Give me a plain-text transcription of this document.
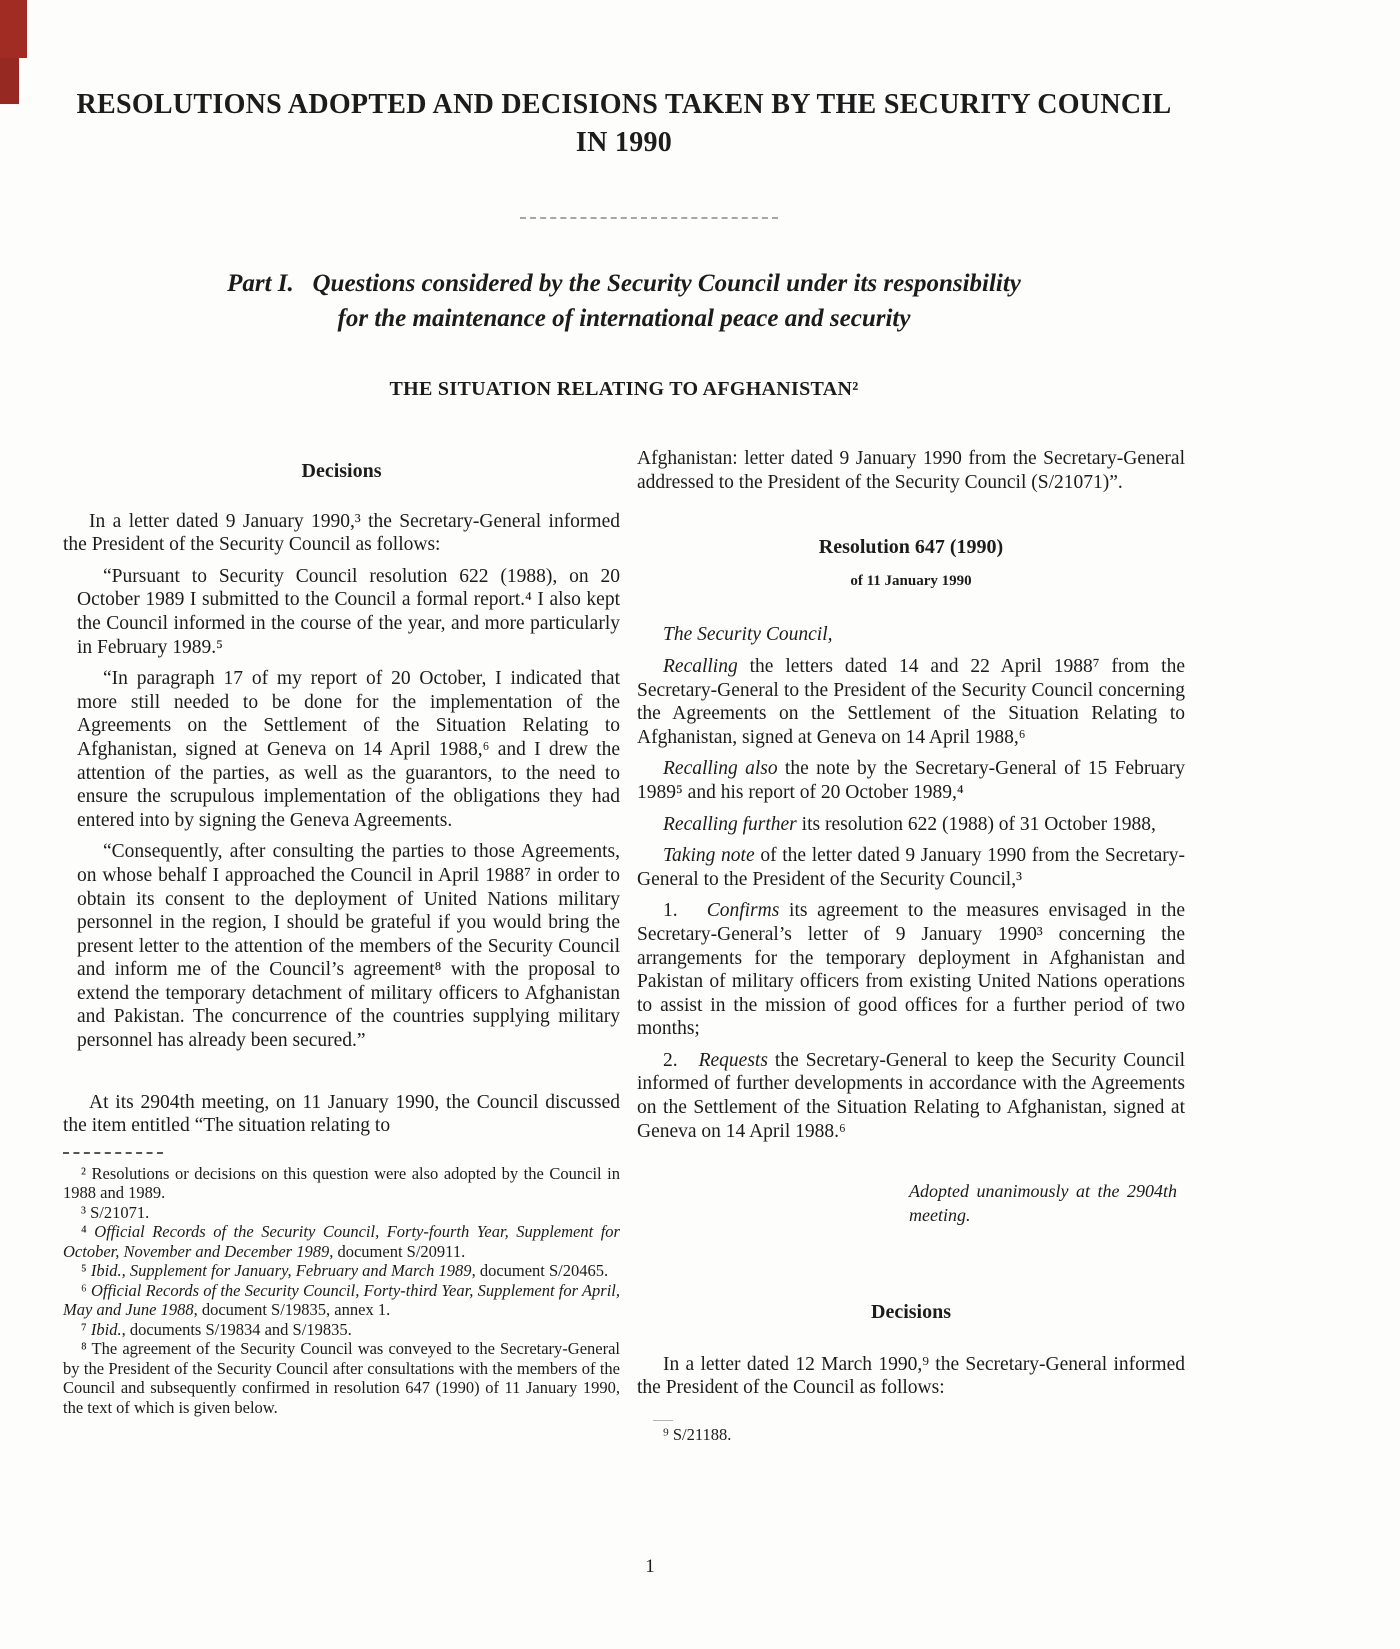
RESOLUTIONS ADOPTED AND DECISIONS TAKEN BY THE SECURITY COUNCIL
IN 1990
Part I.   Questions considered by the Security Council under its responsibility
for the maintenance of international peace and security
THE SITUATION RELATING TO AFGHANISTAN²
Decisions

In a letter dated 9 January 1990,³ the Secretary-General informed the President of the Security Council as follows:

“Pursuant to Security Council resolution 622 (1988), on 20 October 1989 I submitted to the Council a formal report.⁴ I also kept the Council informed in the course of the year, and more particularly in February 1989.⁵

“In paragraph 17 of my report of 20 October, I indicated that more still needed to be done for the implementation of the Agreements on the Settlement of the Situation Relating to Afghanistan, signed at Geneva on 14 April 1988,⁶ and I drew the attention of the parties, as well as the guarantors, to the need to ensure the scrupulous implementation of the obligations they had entered into by signing the Geneva Agreements.

“Consequently, after consulting the parties to those Agreements, on whose behalf I approached the Council in April 1988⁷ in order to obtain its consent to the deployment of United Nations military personnel in the region, I should be grateful if you would bring the present letter to the attention of the members of the Security Council and inform me of the Council’s agreement⁸ with the proposal to extend the temporary detachment of military officers to Afghanistan and Pakistan. The concurrence of the countries supplying military personnel has already been secured.”

At its 2904th meeting, on 11 January 1990, the Council discussed the item entitled “The situation relating to

² Resolutions or decisions on this question were also adopted by the Council in 1988 and 1989.

³ S/21071.

⁴ Official Records of the Security Council, Forty-fourth Year, Supplement for October, November and December 1989, document S/20911.

⁵ Ibid., Supplement for January, February and March 1989, document S/20465.

⁶ Official Records of the Security Council, Forty-third Year, Supplement for April, May and June 1988, document S/19835, annex 1.

⁷ Ibid., documents S/19834 and S/19835.

⁸ The agreement of the Security Council was conveyed to the Secretary-General by the President of the Security Council after consultations with the members of the Council and subsequently confirmed in resolution 647 (1990) of 11 January 1990, the text of which is given below.

Afghanistan: letter dated 9 January 1990 from the Secretary-General addressed to the President of the Security Council (S/21071)”.

Resolution 647 (1990)
of 11 January 1990

The Security Council,

Recalling the letters dated 14 and 22 April 1988⁷ from the Secretary-General to the President of the Security Council concerning the Agreements on the Settlement of the Situation Relating to Afghanistan, signed at Geneva on 14 April 1988,⁶

Recalling also the note by the Secretary-General of 15 February 1989⁵ and his report of 20 October 1989,⁴

Recalling further its resolution 622 (1988) of 31 October 1988,

Taking note of the letter dated 9 January 1990 from the Secretary-General to the President of the Security Council,³

1.   Confirms its agreement to the measures envisaged in the Secretary-General’s letter of 9 January 1990³ concerning the arrangements for the temporary deployment in Afghanistan and Pakistan of military officers from existing United Nations operations to assist in the mission of good offices for a further period of two months;

2.   Requests the Secretary-General to keep the Security Council informed of further developments in accordance with the Agreements on the Settlement of the Situation Relating to Afghanistan, signed at Geneva on 14 April 1988.⁶

Adopted unanimously at the 2904th meeting.
Decisions

In a letter dated 12 March 1990,⁹ the Secretary-General informed the President of the Council as follows:

⁹ S/21188.

1
